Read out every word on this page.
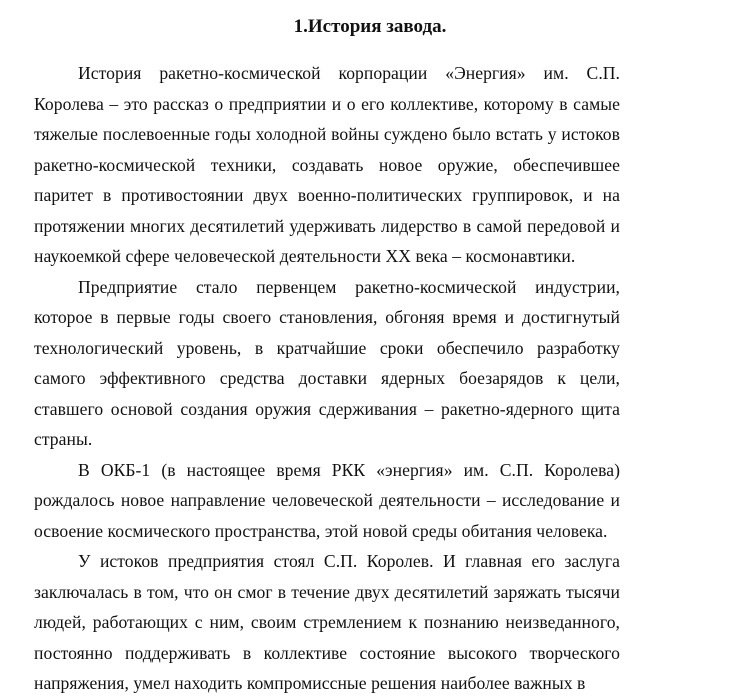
1.История завода.

История ракетно-космической корпорации «Энергия» им. С.П. Королева – это рассказ о предприятии и о его коллективе, которому в самые тяжелые послевоенные годы холодной войны суждено было встать у истоков ракетно-космической техники, создавать новое оружие, обеспечившее паритет в противостоянии двух военно-политических группировок, и на протяжении многих десятилетий удерживать лидерство в самой передовой и наукоемкой сфере человеческой деятельности XX века – космонавтики.

Предприятие стало первенцем ракетно-космической индустрии, которое в первые годы своего становления, обгоняя время и достигнутый технологический уровень, в кратчайшие сроки обеспечило разработку самого эффективного средства доставки ядерных боезарядов к цели, ставшего основой создания оружия сдерживания – ракетно-ядерного щита страны.

В ОКБ-1 (в настоящее время РКК «энергия» им. С.П. Королева) рождалось новое направление человеческой деятельности – исследование и освоение космического пространства, этой новой среды обитания человека.

У истоков предприятия стоял С.П. Королев. И главная его заслуга заключалась в том, что он смог в течение двух десятилетий заряжать тысячи людей, работающих с ним, своим стремлением к познанию неизведанного, постоянно поддерживать в коллективе состояние высокого творческого напряжения, умел находить компромиссные решения наиболее важных в
